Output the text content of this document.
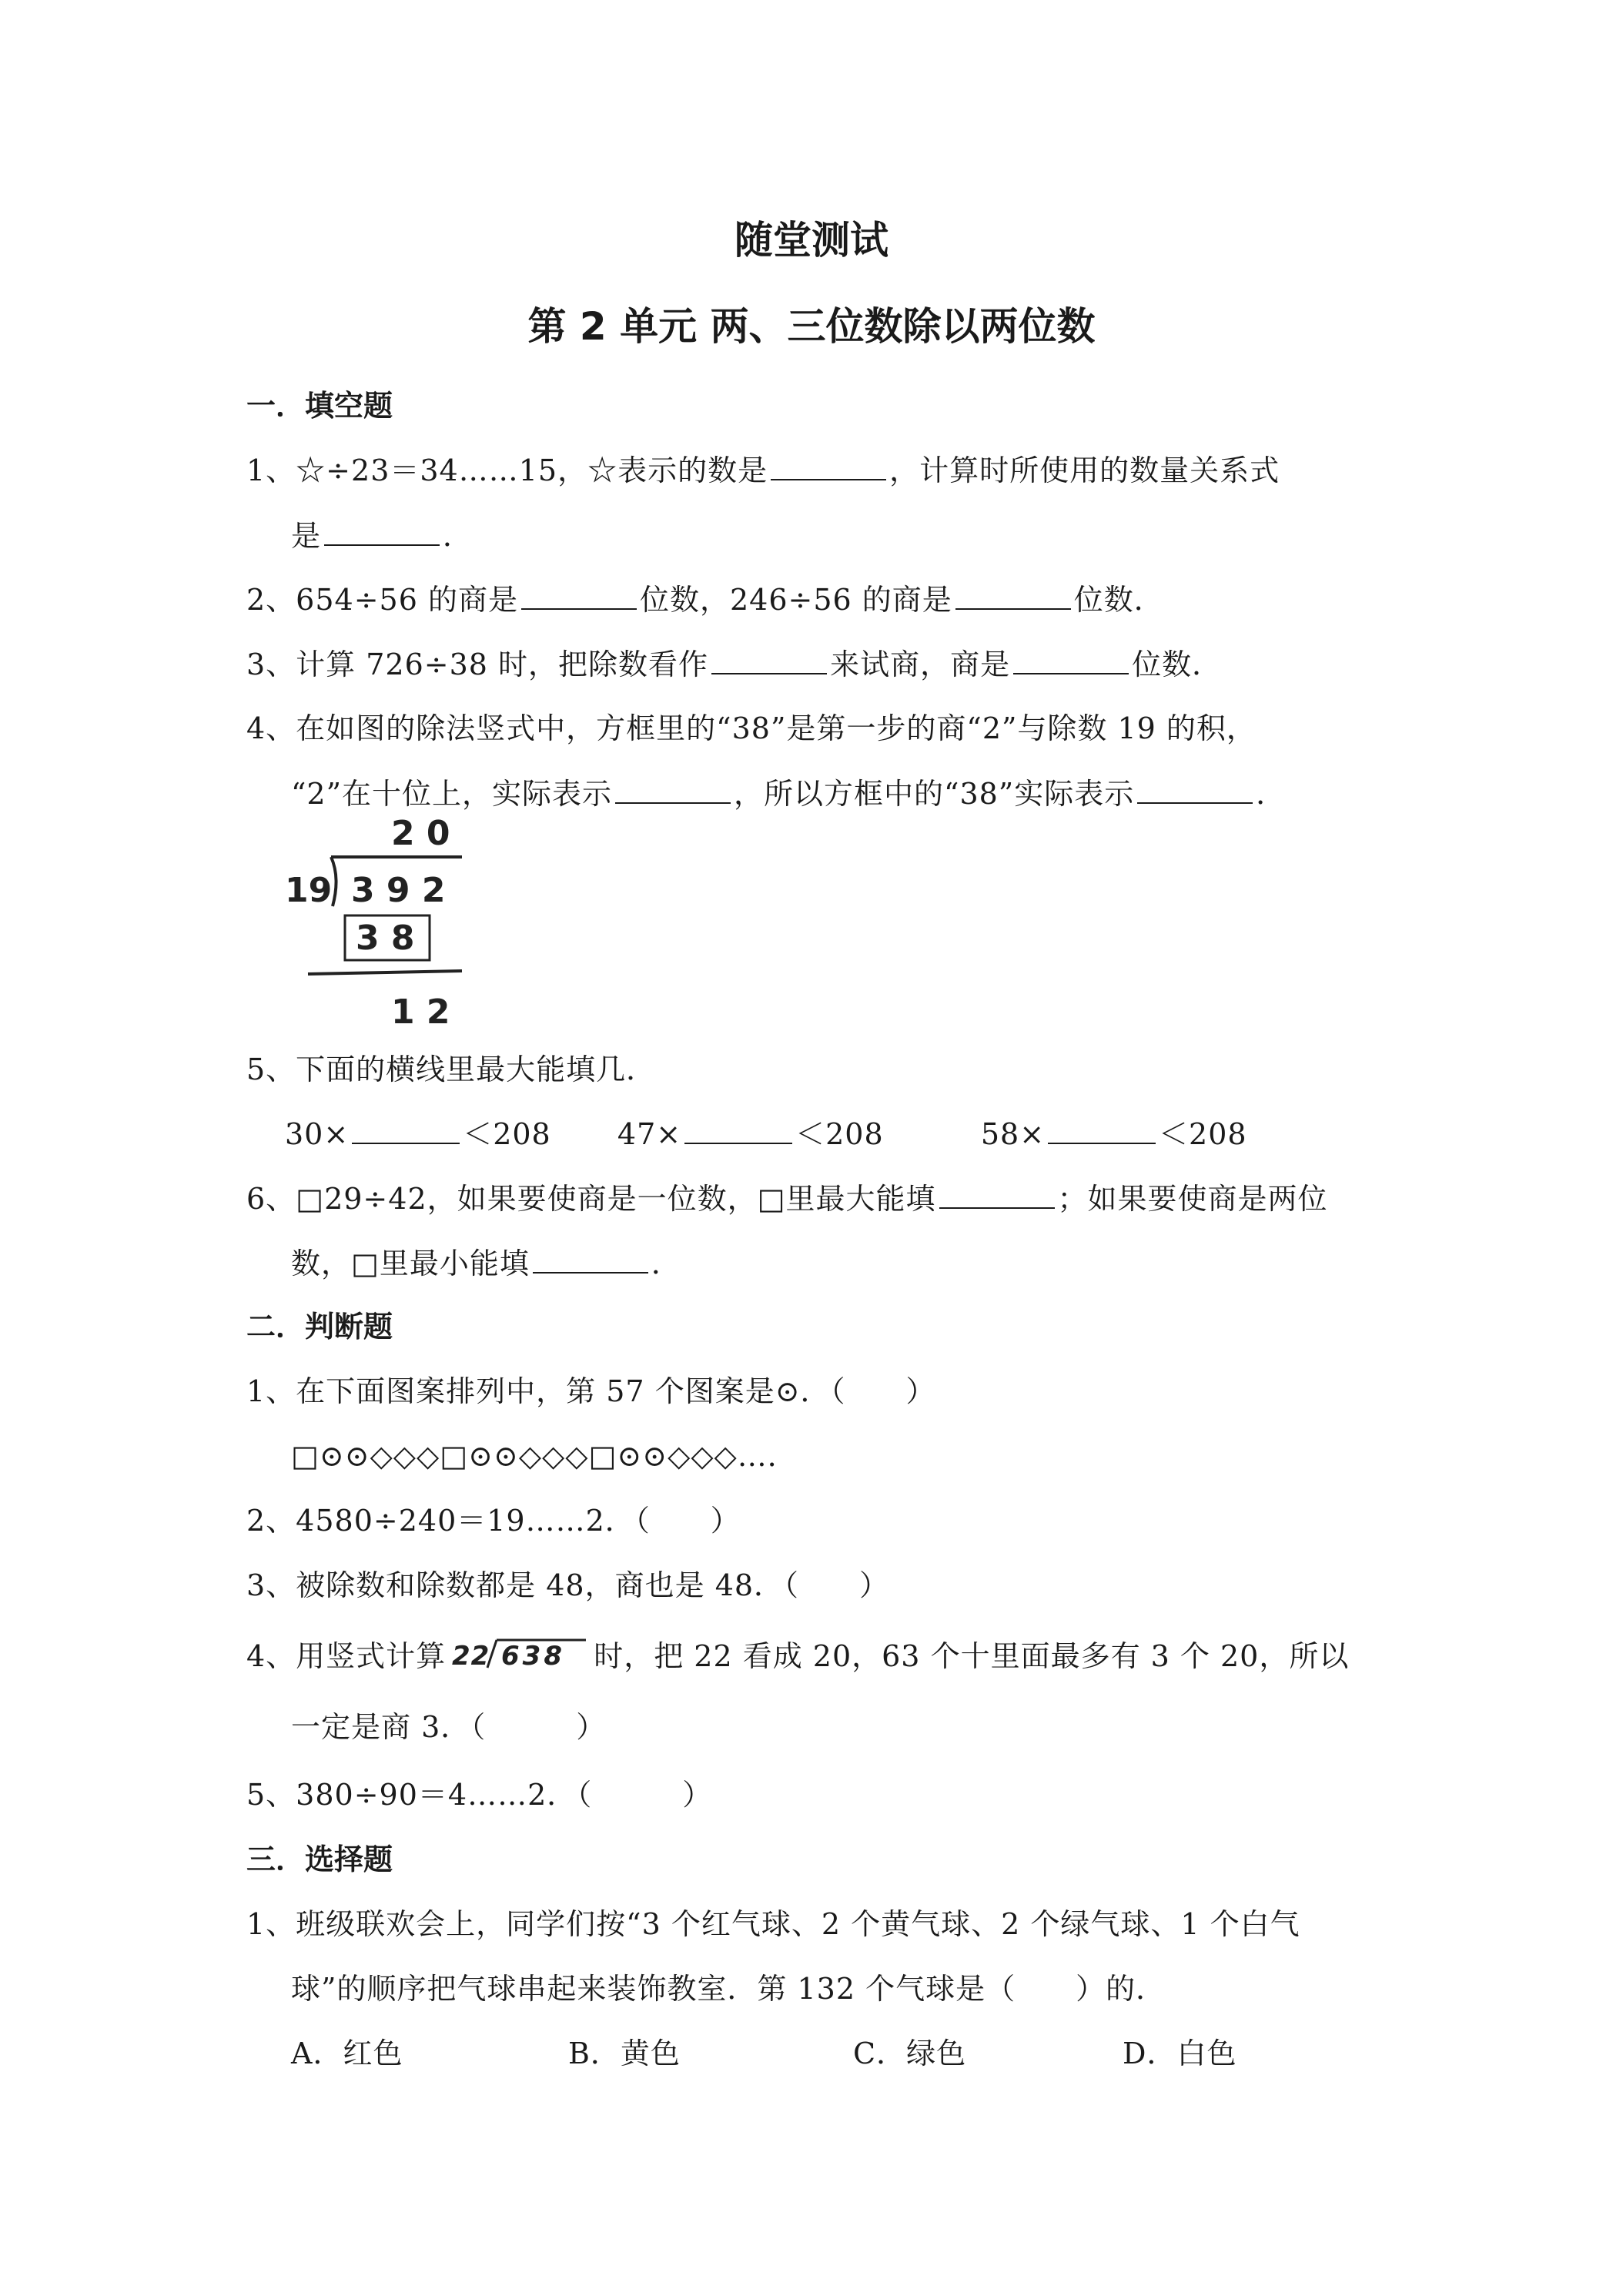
随堂测试
第 2 单元 两、三位数除以两位数
一．填空题
1、☆÷23＝34……15，☆表示的数是	，计算时所使用的数量关系式
是	．
2、654÷56 的商是	位数，246÷56 的商是	位数．
3、计算 726÷38 时，把除数看作	来试商，商是	位数．
4、在如图的除法竖式中，方框里的“38”是第一步的商“2”与除数 19 的积，
“2”在十位上，实际表示	，所以方框中的“38”实际表示	．
2 0
19 3 9 2
3 8
1 2
5、下面的横线里最大能填几．
30×	＜208 47×	＜208	58×	＜208
6、□29÷42，如果要使商是一位数，□里最大能填	；如果要使商是两位
数，□里最小能填	．
二．判断题
1、在下面图案排列中，第 57 个图案是⊙．（　　）
□⊙⊙◇◇◇□⊙⊙◇◇◇□⊙⊙◇◇◇…．
2、4580÷240＝19……2．（　　）
3、被除数和除数都是 48，商也是 48．（　　）
4、用竖式计算 22 638 时，把 22 看成 20，63 个十里面最多有 3 个 20，所以
一定是商 3．（　　　）
5、380÷90＝4……2．（　　　）
三．选择题
1、班级联欢会上，同学们按“3 个红气球、2 个黄气球、2 个绿气球、1 个白气
球”的顺序把气球串起来装饰教室．第 132 个气球是（　　）的．
A．红色	B．黄色	C．绿色	D．白色
